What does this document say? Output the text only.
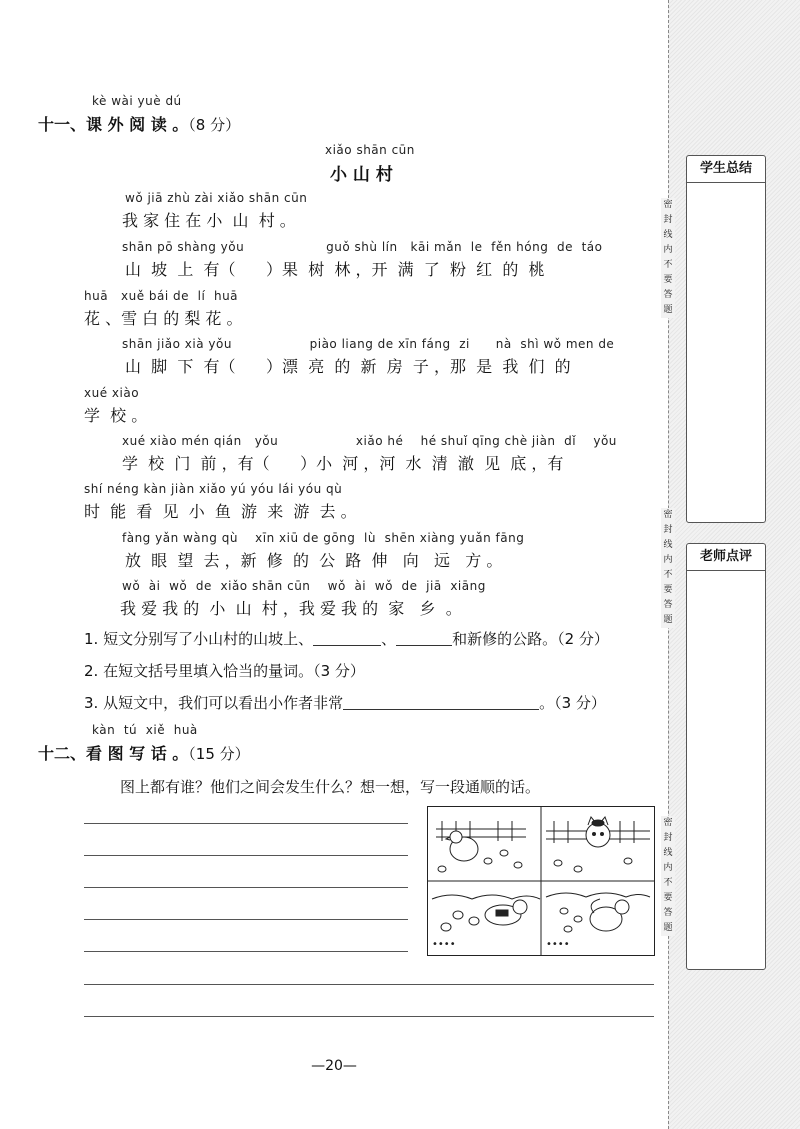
密
封
线
内
不
要
答
题
密
封
线
内
不
要
答
题
密
封
线
内
不
要
答
题
学生总结
老师点评
kè wài yuè dú
十一、课 外 阅 读 。（8 分）
xiǎo shān cūn
小 山 村
wǒ jiā zhù zài xiǎo shān cūn
我 家 住 在 小  山  村 。
shān pō shàng yǒu                   guǒ shù lín   kāi mǎn  le  fěn hóng  de  táo
山  坡  上  有（      ）果  树  林 ，开  满  了  粉  红  的  桃
huā   xuě bái de  lí  huā
花 、雪 白 的 梨 花 。
shān jiǎo xià yǒu                  piào liang de xīn fáng  zi      nà  shì wǒ men de
山  脚  下  有（      ）漂  亮  的  新  房  子 ，那  是  我  们  的
xué xiào
学  校 。
xué xiào mén qián   yǒu                  xiǎo hé    hé shuǐ qīng chè jiàn  dǐ    yǒu
学  校  门  前 ，有（      ）小  河 ，河  水  清  澈  见  底 ，有
shí néng kàn jiàn xiǎo yú yóu lái yóu qù
时  能  看  见  小  鱼  游  来  游  去 。
fàng yǎn wàng qù    xīn xiū de gōng  lù  shēn xiàng yuǎn fāng
放  眼  望  去 ，新  修  的  公  路  伸   向   远   方 。
wǒ  ài  wǒ  de  xiǎo shān cūn    wǒ  ài  wǒ  de  jiā  xiāng
我 爱 我 的  小  山  村 ，我 爱 我 的  家   乡  。
1. 短文分别写了小山村的山坡上、	、	和新修的公路。（2 分）
2. 在短文括号里填入恰当的量词。（3 分）
3. 从短文中，我们可以看出小作者非常	。（3 分）
kàn  tú  xiě  huà
十二、看 图 写 话 。（15 分）
图上都有谁？他们之间会发生什么？想一想，写一段通顺的话。
••••	••••
—20—
